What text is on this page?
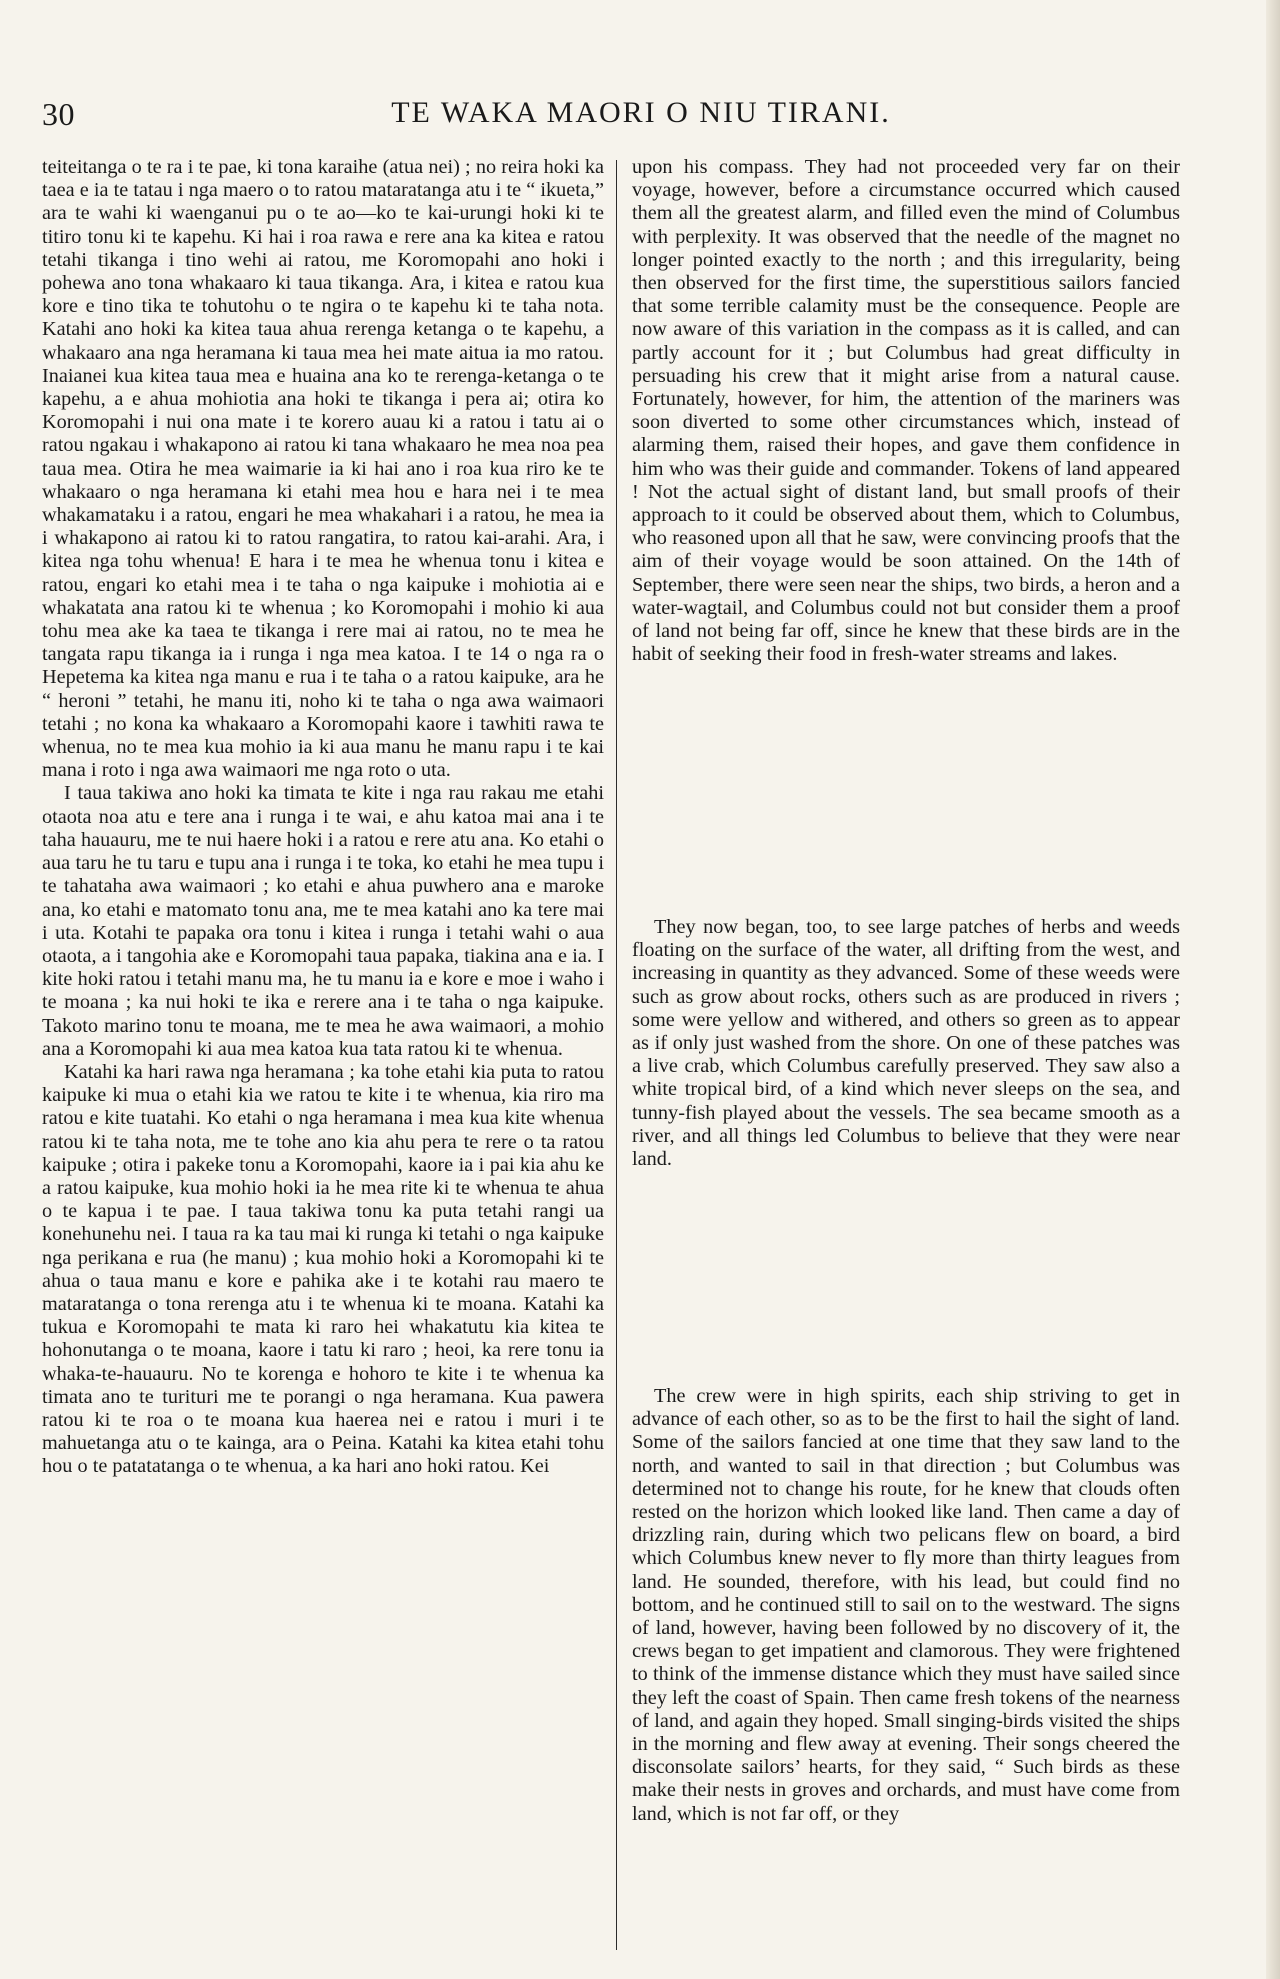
30	TE WAKA MAORI O NIU TIRANI.

teiteitanga o te ra i te pae, ki tona karaihe (atua nei) ; no reira hoki ka taea e ia te tatau i nga maero o to ratou mataratanga atu i te “ ikueta,” ara te wahi ki waenganui pu o te ao—ko te kai-urungi hoki ki te titiro tonu ki te kapehu. Ki hai i roa rawa e rere ana ka kitea e ratou tetahi tikanga i tino wehi ai ratou, me Koromopahi ano hoki i pohewa ano tona whakaaro ki taua tikanga. Ara, i kitea e ratou kua kore e tino tika te tohutohu o te ngira o te kapehu ki te taha nota. Katahi ano hoki ka kitea taua ahua rerenga ketanga o te kapehu, a whakaaro ana nga heramana ki taua mea hei mate aitua ia mo ratou. Inaianei kua kitea taua mea e huaina ana ko te rerenga-ketanga o te kapehu, a e ahua mohiotia ana hoki te tikanga i pera ai; otira ko Koromopahi i nui ona mate i te korero auau ki a ratou i tatu ai o ratou ngakau i whakapono ai ratou ki tana whakaaro he mea noa pea taua mea. Otira he mea waimarie ia ki hai ano i roa kua riro ke te whakaaro o nga heramana ki etahi mea hou e hara nei i te mea whakamataku i a ratou, engari he mea whakahari i a ratou, he mea ia i whakapono ai ratou ki to ratou rangatira, to ratou kai-arahi. Ara, i kitea nga tohu whenua! E hara i te mea he whenua tonu i kitea e ratou, engari ko etahi mea i te taha o nga kaipuke i mohiotia ai e whakatata ana ratou ki te whenua ; ko Koromopahi i mohio ki aua tohu mea ake ka taea te tikanga i rere mai ai ratou, no te mea he tangata rapu tikanga ia i runga i nga mea katoa. I te 14 o nga ra o Hepetema ka kitea nga manu e rua i te taha o a ratou kaipuke, ara he “ heroni ” tetahi, he manu iti, noho ki te taha o nga awa waimaori tetahi ; no kona ka whakaaro a Koromopahi kaore i tawhiti rawa te whenua, no te mea kua mohio ia ki aua manu he manu rapu i te kai mana i roto i nga awa waimaori me nga roto o uta.

I taua takiwa ano hoki ka timata te kite i nga rau rakau me etahi otaota noa atu e tere ana i runga i te wai, e ahu katoa mai ana i te taha hauauru, me te nui haere hoki i a ratou e rere atu ana. Ko etahi o aua taru he tu taru e tupu ana i runga i te toka, ko etahi he mea tupu i te tahataha awa waimaori ; ko etahi e ahua puwhero ana e maroke ana, ko etahi e matomato tonu ana, me te mea katahi ano ka tere mai i uta. Kotahi te papaka ora tonu i kitea i runga i tetahi wahi o aua otaota, a i tangohia ake e Koromopahi taua papaka, tiakina ana e ia. I kite hoki ratou i tetahi manu ma, he tu manu ia e kore e moe i waho i te moana ; ka nui hoki te ika e rerere ana i te taha o nga kaipuke. Takoto marino tonu te moana, me te mea he awa waimaori, a mohio ana a Koromopahi ki aua mea katoa kua tata ratou ki te whenua.

Katahi ka hari rawa nga heramana ; ka tohe etahi kia puta to ratou kaipuke ki mua o etahi kia we ratou te kite i te whenua, kia riro ma ratou e kite tuatahi. Ko etahi o nga heramana i mea kua kite whenua ratou ki te taha nota, me te tohe ano kia ahu pera te rere o ta ratou kaipuke ; otira i pakeke tonu a Koromopahi, kaore ia i pai kia ahu ke a ratou kaipuke, kua mohio hoki ia he mea rite ki te whenua te ahua o te kapua i te pae. I taua takiwa tonu ka puta tetahi rangi ua konehunehu nei. I taua ra ka tau mai ki runga ki tetahi o nga kaipuke nga perikana e rua (he manu) ; kua mohio hoki a Koromopahi ki te ahua o taua manu e kore e pahika ake i te kotahi rau maero te mataratanga o tona rerenga atu i te whenua ki te moana. Katahi ka tukua e Koromopahi te mata ki raro hei whakatutu kia kitea te hohonutanga o te moana, kaore i tatu ki raro ; heoi, ka rere tonu ia whaka-te-hauauru. No te korenga e hohoro te kite i te whenua ka timata ano te turituri me te porangi o nga heramana. Kua pawera ratou ki te roa o te moana kua haerea nei e ratou i muri i te mahuetanga atu o te kainga, ara o Peina. Katahi ka kitea etahi tohu hou o te patatatanga o te whenua, a ka hari ano hoki ratou. Kei

upon his compass. They had not proceeded very far on their voyage, however, before a circumstance occurred which caused them all the greatest alarm, and filled even the mind of Columbus with perplexity. It was observed that the needle of the magnet no longer pointed exactly to the north ; and this irregularity, being then observed for the first time, the superstitious sailors fancied that some terrible calamity must be the consequence. People are now aware of this variation in the compass as it is called, and can partly account for it ; but Columbus had great difficulty in persuading his crew that it might arise from a natural cause. Fortunately, however, for him, the attention of the mariners was soon diverted to some other circumstances which, instead of alarming them, raised their hopes, and gave them confidence in him who was their guide and commander. Tokens of land appeared ! Not the actual sight of distant land, but small proofs of their approach to it could be observed about them, which to Columbus, who reasoned upon all that he saw, were convincing proofs that the aim of their voyage would be soon attained. On the 14th of September, there were seen near the ships, two birds, a heron and a water-wagtail, and Columbus could not but consider them a proof of land not being far off, since he knew that these birds are in the habit of seeking their food in fresh-water streams and lakes.

They now began, too, to see large patches of herbs and weeds floating on the surface of the water, all drifting from the west, and increasing in quantity as they advanced. Some of these weeds were such as grow about rocks, others such as are produced in rivers ; some were yellow and withered, and others so green as to appear as if only just washed from the shore. On one of these patches was a live crab, which Columbus carefully preserved. They saw also a white tropical bird, of a kind which never sleeps on the sea, and tunny-fish played about the vessels. The sea became smooth as a river, and all things led Columbus to believe that they were near land.

The crew were in high spirits, each ship striving to get in advance of each other, so as to be the first to hail the sight of land. Some of the sailors fancied at one time that they saw land to the north, and wanted to sail in that direction ; but Columbus was determined not to change his route, for he knew that clouds often rested on the horizon which looked like land. Then came a day of drizzling rain, during which two pelicans flew on board, a bird which Columbus knew never to fly more than thirty leagues from land. He sounded, therefore, with his lead, but could find no bottom, and he continued still to sail on to the westward. The signs of land, however, having been followed by no discovery of it, the crews began to get impatient and clamorous. They were frightened to think of the immense distance which they must have sailed since they left the coast of Spain. Then came fresh tokens of the nearness of land, and again they hoped. Small singing-birds visited the ships in the morning and flew away at evening. Their songs cheered the disconsolate sailors’ hearts, for they said, “ Such birds as these make their nests in groves and orchards, and must have come from land, which is not far off, or they
